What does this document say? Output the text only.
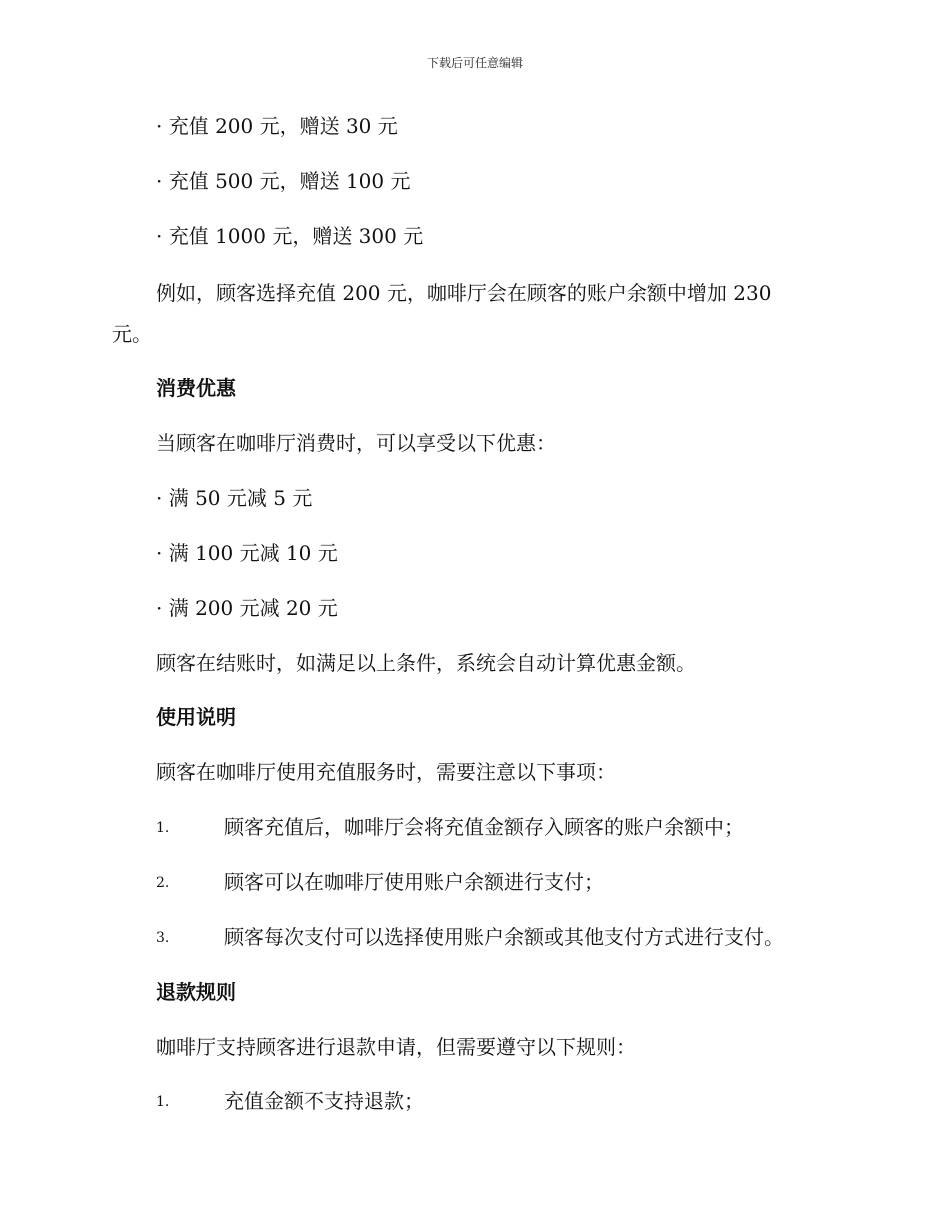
下载后可任意编辑
· 充值 200 元，赠送 30 元
· 充值 500 元，赠送 100 元
· 充值 1000 元，赠送 300 元
例如，顾客选择充值 200 元，咖啡厅会在顾客的账户余额中增加 230
元。
消费优惠
当顾客在咖啡厅消费时，可以享受以下优惠：
· 满 50 元减 5 元
· 满 100 元减 10 元
· 满 200 元减 20 元
顾客在结账时，如满足以上条件，系统会自动计算优惠金额。
使用说明
顾客在咖啡厅使用充值服务时，需要注意以下事项：
1.	顾客充值后，咖啡厅会将充值金额存入顾客的账户余额中；
2.	顾客可以在咖啡厅使用账户余额进行支付；
3.	顾客每次支付可以选择使用账户余额或其他支付方式进行支付。
退款规则
咖啡厅支持顾客进行退款申请，但需要遵守以下规则：
1.	充值金额不支持退款；
